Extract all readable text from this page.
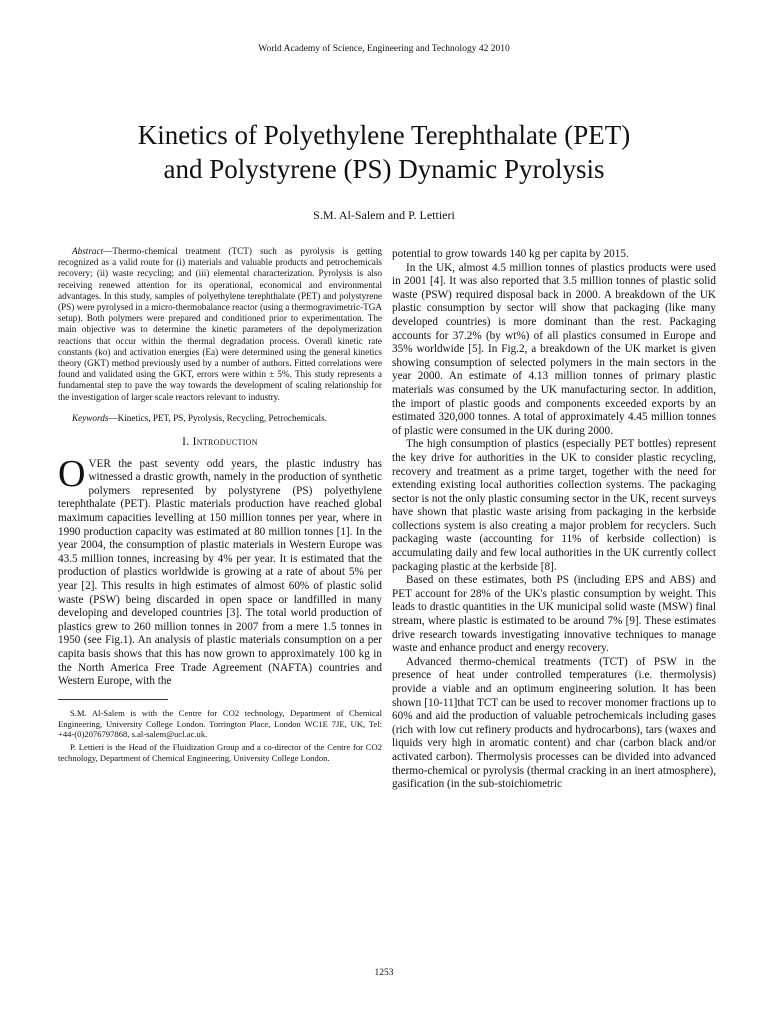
World Academy of Science, Engineering and Technology 42 2010
Kinetics of Polyethylene Terephthalate (PET)
and Polystyrene (PS) Dynamic Pyrolysis
S.M. Al-Salem and P. Lettieri

Abstract—Thermo-chemical treatment (TCT) such as pyrolysis is getting recognized as a valid route for (i) materials and valuable products and petrochemicals recovery; (ii) waste recycling; and (iii) elemental characterization. Pyrolysis is also receiving renewed attention for its operational, economical and environmental advantages. In this study, samples of polyethylene terephthalate (PET) and polystyrene (PS) were pyrolysed in a micro-thermobalance reactor (using a thermogravimetric-TGA setup). Both polymers were prepared and conditioned prior to experimentation. The main objective was to determine the kinetic parameters of the depolymerization reactions that occur within the thermal degradation process. Overall kinetic rate constants (ko) and activation energies (Ea) were determined using the general kinetics theory (GKT) method previously used by a number of authors. Fitted correlations were found and validated using the GKT, errors were within ± 5%. This study represents a fundamental step to pave the way towards the development of scaling relationship for the investigation of larger scale reactors relevant to industry.

Keywords—Kinetics, PET, PS, Pyrolysis, Recycling, Petrochemicals.

I. Introduction

OVER the past seventy odd years, the plastic industry has witnessed a drastic growth, namely in the production of synthetic polymers represented by polystyrene (PS) polyethylene terephthalate (PET). Plastic materials production have reached global maximum capacities levelling at 150 million tonnes per year, where in 1990 production capacity was estimated at 80 million tonnes [1]. In the year 2004, the consumption of plastic materials in Western Europe was 43.5 million tonnes, increasing by 4% per year. It is estimated that the production of plastics worldwide is growing at a rate of about 5% per year [2]. This results in high estimates of almost 60% of plastic solid waste (PSW) being discarded in open space or landfilled in many developing and developed countries [3]. The total world production of plastics grew to 260 million tonnes in 2007 from a mere 1.5 tonnes in 1950 (see Fig.1). An analysis of plastic materials consumption on a per capita basis shows that this has now grown to approximately 100 kg in the North America Free Trade Agreement (NAFTA) countries and Western Europe, with the

S.M. Al-Salem is with the Centre for CO2 technology, Department of Chemical Engineering, University College London. Torrington Place, London WC1E 7JE, UK, Tel: +44-(0)2076797868, s.al-salem@ucl.ac.uk.

P. Lettieri is the Head of the Fluidization Group and a co-director of the Centre for CO2 technology, Department of Chemical Engineering, University College London.

potential to grow towards 140 kg per capita by 2015.

In the UK, almost 4.5 million tonnes of plastics products were used in 2001 [4]. It was also reported that 3.5 million tonnes of plastic solid waste (PSW) required disposal back in 2000. A breakdown of the UK plastic consumption by sector will show that packaging (like many developed countries) is more dominant than the rest. Packaging accounts for 37.2% (by wt%) of all plastics consumed in Europe and 35% worldwide [5]. In Fig.2, a breakdown of the UK market is given showing consumption of selected polymers in the main sectors in the year 2000. An estimate of 4.13 million tonnes of primary plastic materials was consumed by the UK manufacturing sector. In addition, the import of plastic goods and components exceeded exports by an estimated 320,000 tonnes. A total of approximately 4.45 million tonnes of plastic were consumed in the UK during 2000.

The high consumption of plastics (especially PET bottles) represent the key drive for authorities in the UK to consider plastic recycling, recovery and treatment as a prime target, together with the need for extending existing local authorities collection systems. The packaging sector is not the only plastic consuming sector in the UK, recent surveys have shown that plastic waste arising from packaging in the kerbside collections system is also creating a major problem for recyclers. Such packaging waste (accounting for 11% of kerbside collection) is accumulating daily and few local authorities in the UK currently collect packaging plastic at the kerbside [8].

Based on these estimates, both PS (including EPS and ABS) and PET account for 28% of the UK's plastic consumption by weight. This leads to drastic quantities in the UK municipal solid waste (MSW) final stream, where plastic is estimated to be around 7% [9]. These estimates drive research towards investigating innovative techniques to manage waste and enhance product and energy recovery.

Advanced thermo-chemical treatments (TCT) of PSW in the presence of heat under controlled temperatures (i.e. thermolysis) provide a viable and an optimum engineering solution. It has been shown [10-11]that TCT can be used to recover monomer fractions up to 60% and aid the production of valuable petrochemicals including gases (rich with low cut refinery products and hydrocarbons), tars (waxes and liquids very high in aromatic content) and char (carbon black and/or activated carbon). Thermolysis processes can be divided into advanced thermo-chemical or pyrolysis (thermal cracking in an inert atmosphere), gasification (in the sub-stoichiometric

1253
